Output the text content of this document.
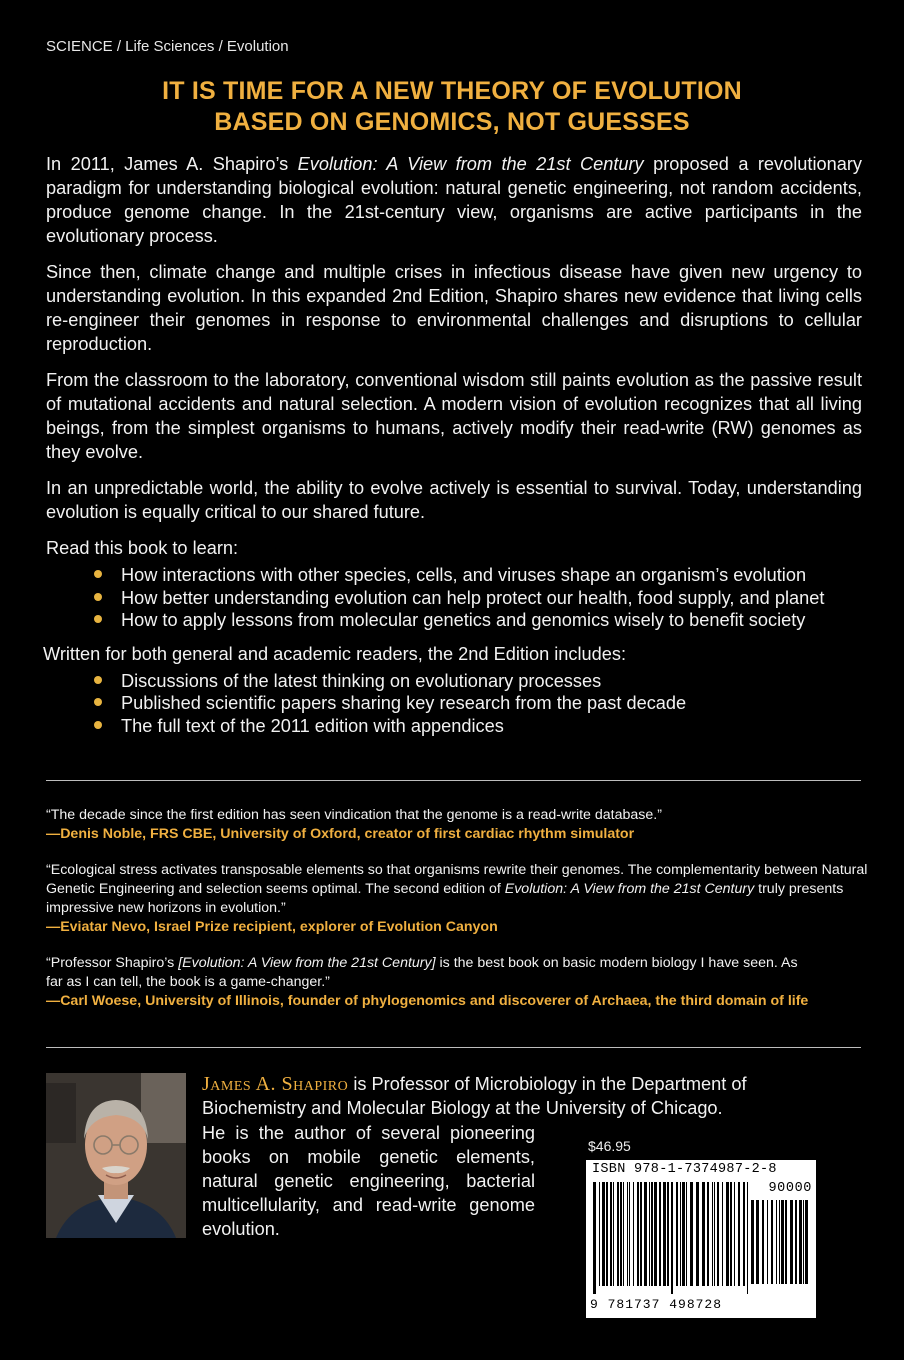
SCIENCE / Life Sciences / Evolution
IT IS TIME FOR A NEW THEORY OF EVOLUTION
BASED ON GENOMICS, NOT GUESSES

In 2011, James A. Shapiro’s Evolution: A View from the 21st Century proposed a revolutionary paradigm for understanding biological evolution: natural genetic engineering, not random accidents, produce genome change. In the 21st-century view, organisms are active participants in the evolutionary process.

Since then, climate change and multiple crises in infectious disease have given new urgency to understanding evolution. In this expanded 2nd Edition, Shapiro shares new evidence that living cells re-engineer their genomes in response to environmental challenges and disruptions to cellular reproduction.

From the classroom to the laboratory, conventional wisdom still paints evolution as the passive result of mutational accidents and natural selection. A modern vision of evolution recognizes that all living beings, from the simplest organisms to humans, actively modify their read-write (RW) genomes as they evolve.

In an unpredictable world, the ability to evolve actively is essential to survival. Today, understanding evolution is equally critical to our shared future.

Read this book to learn:

How interactions with other species, cells, and viruses shape an organism’s evolution
How better understanding evolution can help protect our health, food supply, and planet
How to apply lessons from molecular genetics and genomics wisely to benefit society

Written for both general and academic readers, the 2nd Edition includes:

Discussions of the latest thinking on evolutionary processes
Published scientific papers sharing key research from the past decade
The full text of the 2011 edition with appendices
“The decade since the first edition has seen vindication that the genome is a read-write database.”
—Denis Noble, FRS CBE, University of Oxford, creator of first cardiac rhythm simulator
“Ecological stress activates transposable elements so that organisms rewrite their genomes. The complementarity between Natural Genetic Engineering and selection seems optimal. The second edition of Evolution: A View from the 21st Century truly presents impressive new horizons in evolution.”
—Eviatar Nevo, Israel Prize recipient, explorer of Evolution Canyon
“Professor Shapiro’s [Evolution: A View from the 21st Century] is the best book on basic modern biology I have seen. As far as I can tell, the book is a game-changer.”
—Carl Woese, University of Illinois, founder of phylogenomics and discoverer of Archaea, the third domain of life
James A. Shapiro is Professor of Microbiology in the Department of Biochemistry and Molecular Biology at the University of Chicago.
He is the author of several pioneering books on mobile genetic elements, natural genetic engineering, bacterial multicellularity, and read-write genome evolution.
$46.95
ISBN 978-1-7374987-2-8
90000
9 781737 498728
